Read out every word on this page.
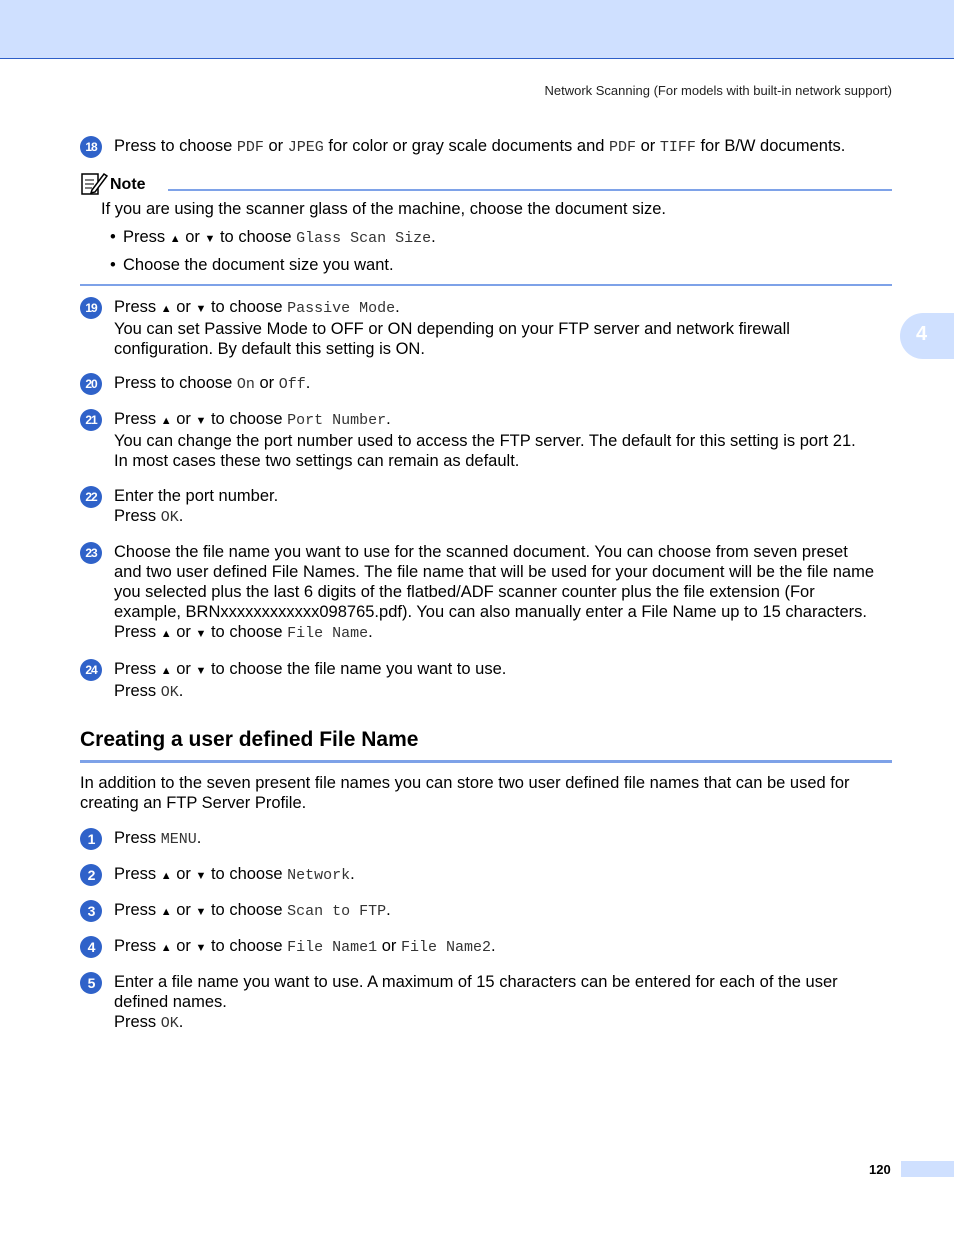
Network Scanning (For models with built-in network support)
4
18	Press to choose PDF or JPEG for color or gray scale documents and PDF or TIFF for B/W documents.
Note
If you are using the scanner glass of the machine, choose the document size.
• Press ▲ or ▼ to choose Glass Scan Size.
• Choose the document size you want.
19	Press ▲ or ▼ to choose Passive Mode.
You can set Passive Mode to OFF or ON depending on your FTP server and network firewall
configuration. By default this setting is ON.
20	Press to choose On or Off.
21	Press ▲ or ▼ to choose Port Number.
You can change the port number used to access the FTP server. The default for this setting is port 21.
In most cases these two settings can remain as default.
22	Enter the port number.
Press OK.
23	Choose the file name you want to use for the scanned document. You can choose from seven preset
and two user defined File Names. The file name that will be used for your document will be the file name
you selected plus the last 6 digits of the flatbed/ADF scanner counter plus the file extension (For
example, BRNxxxxxxxxxxxx098765.pdf). You can also manually enter a File Name up to 15 characters.
Press ▲ or ▼ to choose File Name.
24	Press ▲ or ▼ to choose the file name you want to use.
Press OK.
Creating a user defined File Name
In addition to the seven present file names you can store two user defined file names that can be used for
creating an FTP Server Profile.
1	Press MENU.
2	Press ▲ or ▼ to choose Network.
3	Press ▲ or ▼ to choose Scan to FTP.
4	Press ▲ or ▼ to choose File Name1 or File Name2.
5	Enter a file name you want to use. A maximum of 15 characters can be entered for each of the user
defined names.
Press OK.
120
